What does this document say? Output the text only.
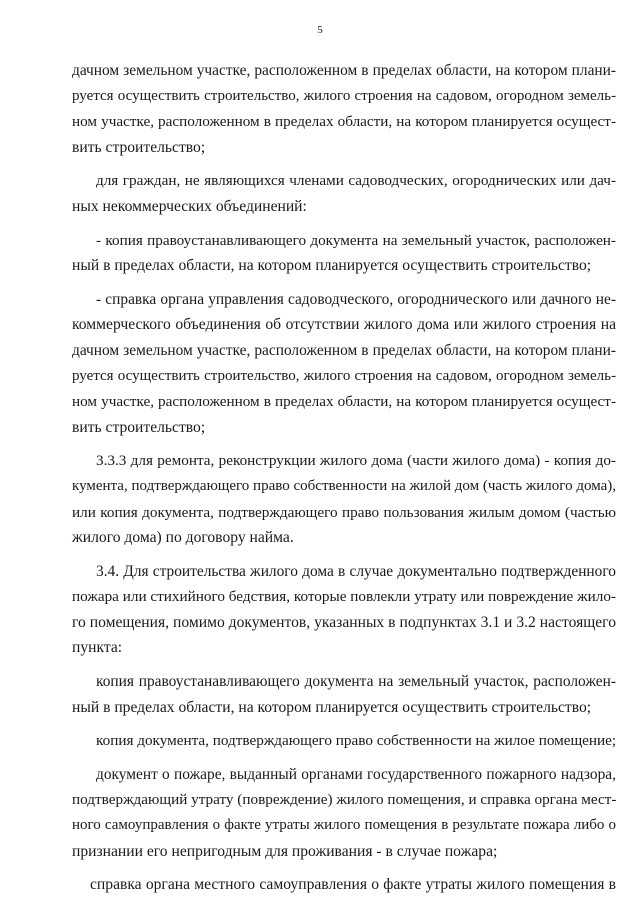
5
дачном земельном участке, расположенном в пределах области, на котором плани-
руется осуществить строительство, жилого строения на садовом, огородном земель-
ном участке, расположенном в пределах области, на котором планируется осущест-
вить строительство;
для граждан, не являющихся членами садоводческих, огороднических или дач-
ных некоммерческих объединений:
- копия правоустанавливающего документа на земельный участок, расположен-
ный в пределах области, на котором планируется осуществить строительство;
- справка органа управления садоводческого, огороднического или дачного не-
коммерческого объединения об отсутствии жилого дома или жилого строения на
дачном земельном участке, расположенном в пределах области, на котором плани-
руется осуществить строительство, жилого строения на садовом, огородном земель-
ном участке, расположенном в пределах области, на котором планируется осущест-
вить строительство;
3.3.3 для ремонта, реконструкции жилого дома (части жилого дома) - копия до-
кумента, подтверждающего право собственности на жилой дом (часть жилого дома),
или копия документа, подтверждающего право пользования жилым домом (частью
жилого дома) по договору найма.
3.4. Для строительства жилого дома в случае документально подтвержденного
пожара или стихийного бедствия, которые повлекли утрату или повреждение жило-
го помещения, помимо документов, указанных в подпунктах 3.1 и 3.2 настоящего
пункта:
копия правоустанавливающего документа на земельный участок, расположен-
ный в пределах области, на котором планируется осуществить строительство;
копия документа, подтверждающего право собственности на жилое помещение;
документ о пожаре, выданный органами государственного пожарного надзора,
подтверждающий утрату (повреждение) жилого помещения, и справка органа мест-
ного самоуправления о факте утраты жилого помещения в результате пожара либо о
признании его непригодным для проживания - в случае пожара;
справка органа местного самоуправления о факте утраты жилого помещения в
